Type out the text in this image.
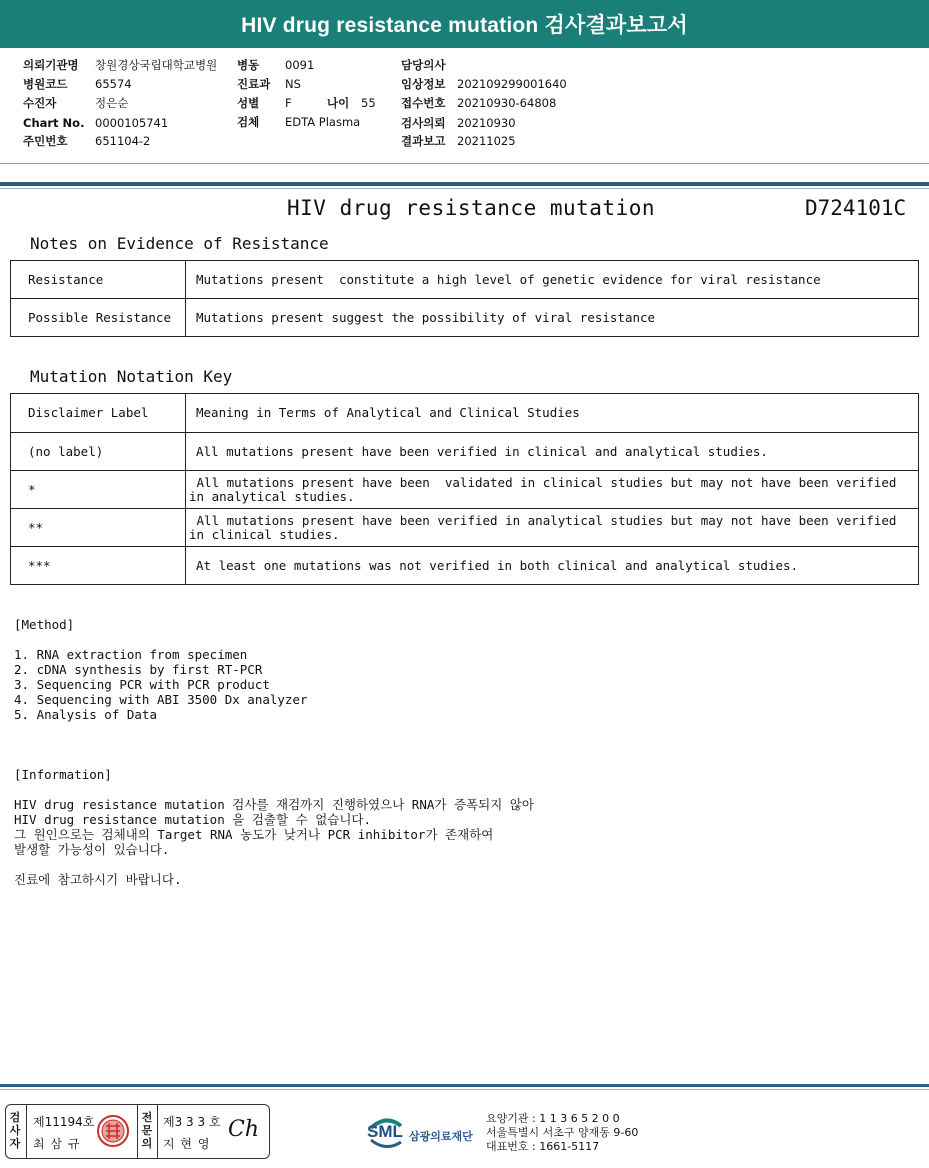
HIV drug resistance mutation 검사결과보고서
의뢰기관명 창원경상국립대학교병원
병원코드 65574
수진자	정은순
Chart No. 0000105741
주민번호 651104-2
병동 0091
진료과 NS
성별 F	나이 55
검체 EDTA Plasma
담당의사
임상정보 202109299001640
접수번호 20210930-64808
검사의뢰 20210930
결과보고 20211025
HIV drug resistance mutation	D724101C
Notes on Evidence of Resistance
Resistance	Mutations present  constitute a high level of genetic evidence for viral resistance
Possible Resistance	Mutations present suggest the possibility of viral resistance
Mutation Notation Key
Disclaimer Label	Meaning in Terms of Analytical and Clinical Studies
(no label)	All mutations present have been verified in clinical and analytical studies.
*	All mutations present have been  validated in clinical studies but may not have been verified
in analytical studies.
**	All mutations present have been verified in analytical studies but may not have been verified
in clinical studies.
***	At least one mutations was not verified in both clinical and analytical studies.
[Method]
1. RNA extraction from specimen
2. cDNA synthesis by first RT-PCR
3. Sequencing PCR with PCR product
4. Sequencing with ABI 3500 Dx analyzer
5. Analysis of Data
[Information]
HIV drug resistance mutation 검사를 재검까지 진행하였으나 RNA가 증폭되지 않아
HIV drug resistance mutation 을 검출할 수 없습니다.
그 원인으로는 검체내의 Target RNA 농도가 낮거나 PCR inhibitor가 존재하여
발생할 가능성이 있습니다.
진료에 참고하시기 바랍니다.
검
사
자
제11194호
최 삼 규
전
문
의
제3 3 3 호
지 현 영
Ch	SML 삼광의료재단
요양기관 : 1 1 3 6 5 2 0 0
서울특별시 서초구 양재동 9-60
대표번호 : 1661-5117
